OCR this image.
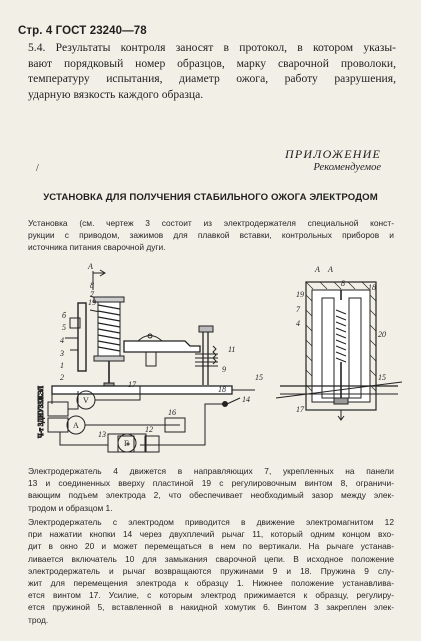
Стр. 4 ГОСТ 23240—78
5.4. Результаты контроля заносят в протокол, в котором указы-
вают порядковый номер образцов, марку сварочной проволоки,
температуру испытания, диаметр ожога, работу разрушения,
ударную вязкость каждого образца.
ПРИЛОЖЕНИЕ
Рекомендуемое
/
УСТАНОВКА ДЛЯ ПОЛУЧЕНИЯ СТАБИЛЬНОГО ОЖОГА ЭЛЕКТРОДОМ
Установка (см. чертеж 3 состоит из электродержателя специальной конст-
рукции с приводом, зажимов для плавкой вставки, контрольных приборов и
источника питания сварочной дуги.
Ч-т 3ДИУЗЗЖЭЛ
А
8
7
19
б
5
4
3
1
2
11
9
18
17
16
15
14
13
12
V
A
Г
А А
8
19
7
4
18
20
17
15
Электродержатель 4 движется в направляющих 7, укрепленных на панели
13 и соединенных вверху пластиной 19 с регулировочным винтом 8, ограничи-
вающим подъем электрода 2, что обеспечивает необходимый зазор между элек-
тродом и образцом 1.
Электродержатель с электродом приводится в движение электромагнитом 12
при нажатии кнопки 14 через двухплечий рычаг 11, который одним концом вхо-
дит в окно 20 и может перемещаться в нем по вертикали. На рычаге устанав-
ливается включатель 10 для замыкания сварочной цепи. В исходное положение
электродержатель и рычаг возвращаются пружинами 9 и 18. Пружина 9 слу-
жит для перемещения электрода к образцу 1. Нижнее положение устанавлива-
ется винтом 17. Усилие, с которым электрод прижимается к образцу, регулиру-
ется пружиной 5, вставленной в накидной хомутик 6. Винтом 3 закреплен элек-
трод.
